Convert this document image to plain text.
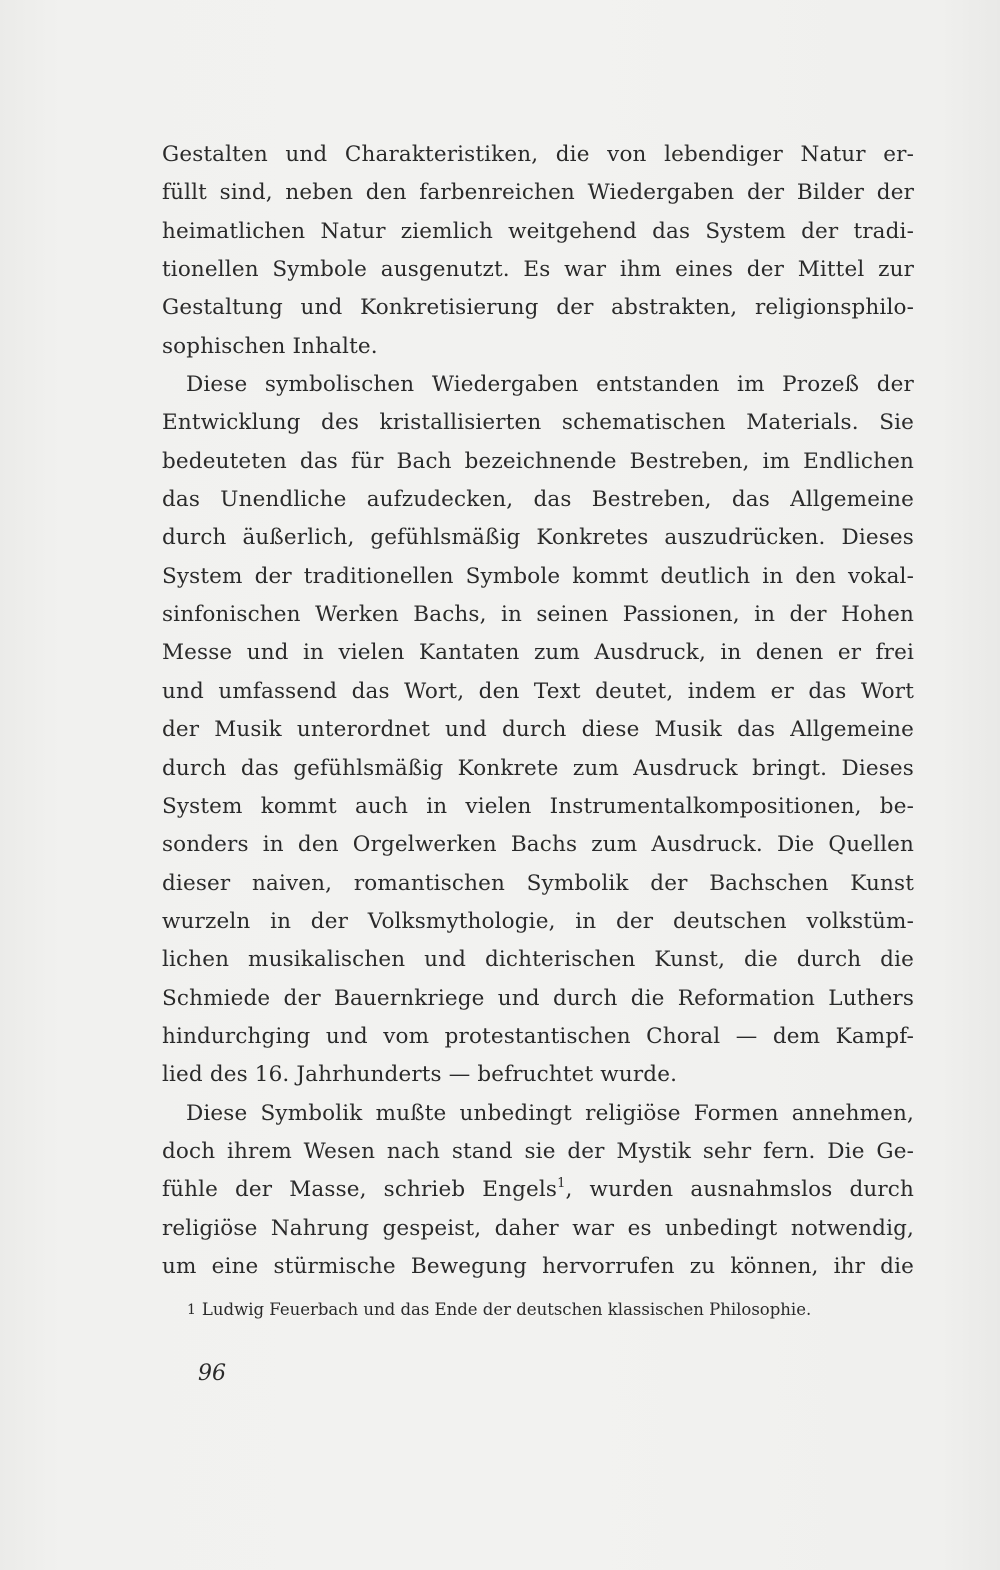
Gestalten und Charakteristiken, die von lebendiger Natur er-
füllt sind, neben den farbenreichen Wiedergaben der Bilder der
heimatlichen Natur ziemlich weitgehend das System der tradi-
tionellen Symbole ausgenutzt. Es war ihm eines der Mittel zur
Gestaltung und Konkretisierung der abstrakten, religionsphilo-
sophischen Inhalte.
Diese symbolischen Wiedergaben entstanden im Prozeß der
Entwicklung des kristallisierten schematischen Materials. Sie
bedeuteten das für Bach bezeichnende Bestreben, im Endlichen
das Unendliche aufzudecken, das Bestreben, das Allgemeine
durch äußerlich, gefühlsmäßig Konkretes auszudrücken. Dieses
System der traditionellen Symbole kommt deutlich in den vokal-
sinfonischen Werken Bachs, in seinen Passionen, in der Hohen
Messe und in vielen Kantaten zum Ausdruck, in denen er frei
und umfassend das Wort, den Text deutet, indem er das Wort
der Musik unterordnet und durch diese Musik das Allgemeine
durch das gefühlsmäßig Konkrete zum Ausdruck bringt. Dieses
System kommt auch in vielen Instrumentalkompositionen, be-
sonders in den Orgelwerken Bachs zum Ausdruck. Die Quellen
dieser naiven, romantischen Symbolik der Bachschen Kunst
wurzeln in der Volksmythologie, in der deutschen volkstüm-
lichen musikalischen und dichterischen Kunst, die durch die
Schmiede der Bauernkriege und durch die Reformation Luthers
hindurchging und vom protestantischen Choral — dem Kampf-
lied des 16. Jahrhunderts — befruchtet wurde.
Diese Symbolik mußte unbedingt religiöse Formen annehmen,
doch ihrem Wesen nach stand sie der Mystik sehr fern. Die Ge-
fühle der Masse, schrieb Engels$^1$, wurden ausnahmslos durch
religiöse Nahrung gespeist, daher war es unbedingt notwendig,
um eine stürmische Bewegung hervorrufen zu können, ihr die
1 Ludwig Feuerbach und das Ende der deutschen klassischen Philosophie.
96
